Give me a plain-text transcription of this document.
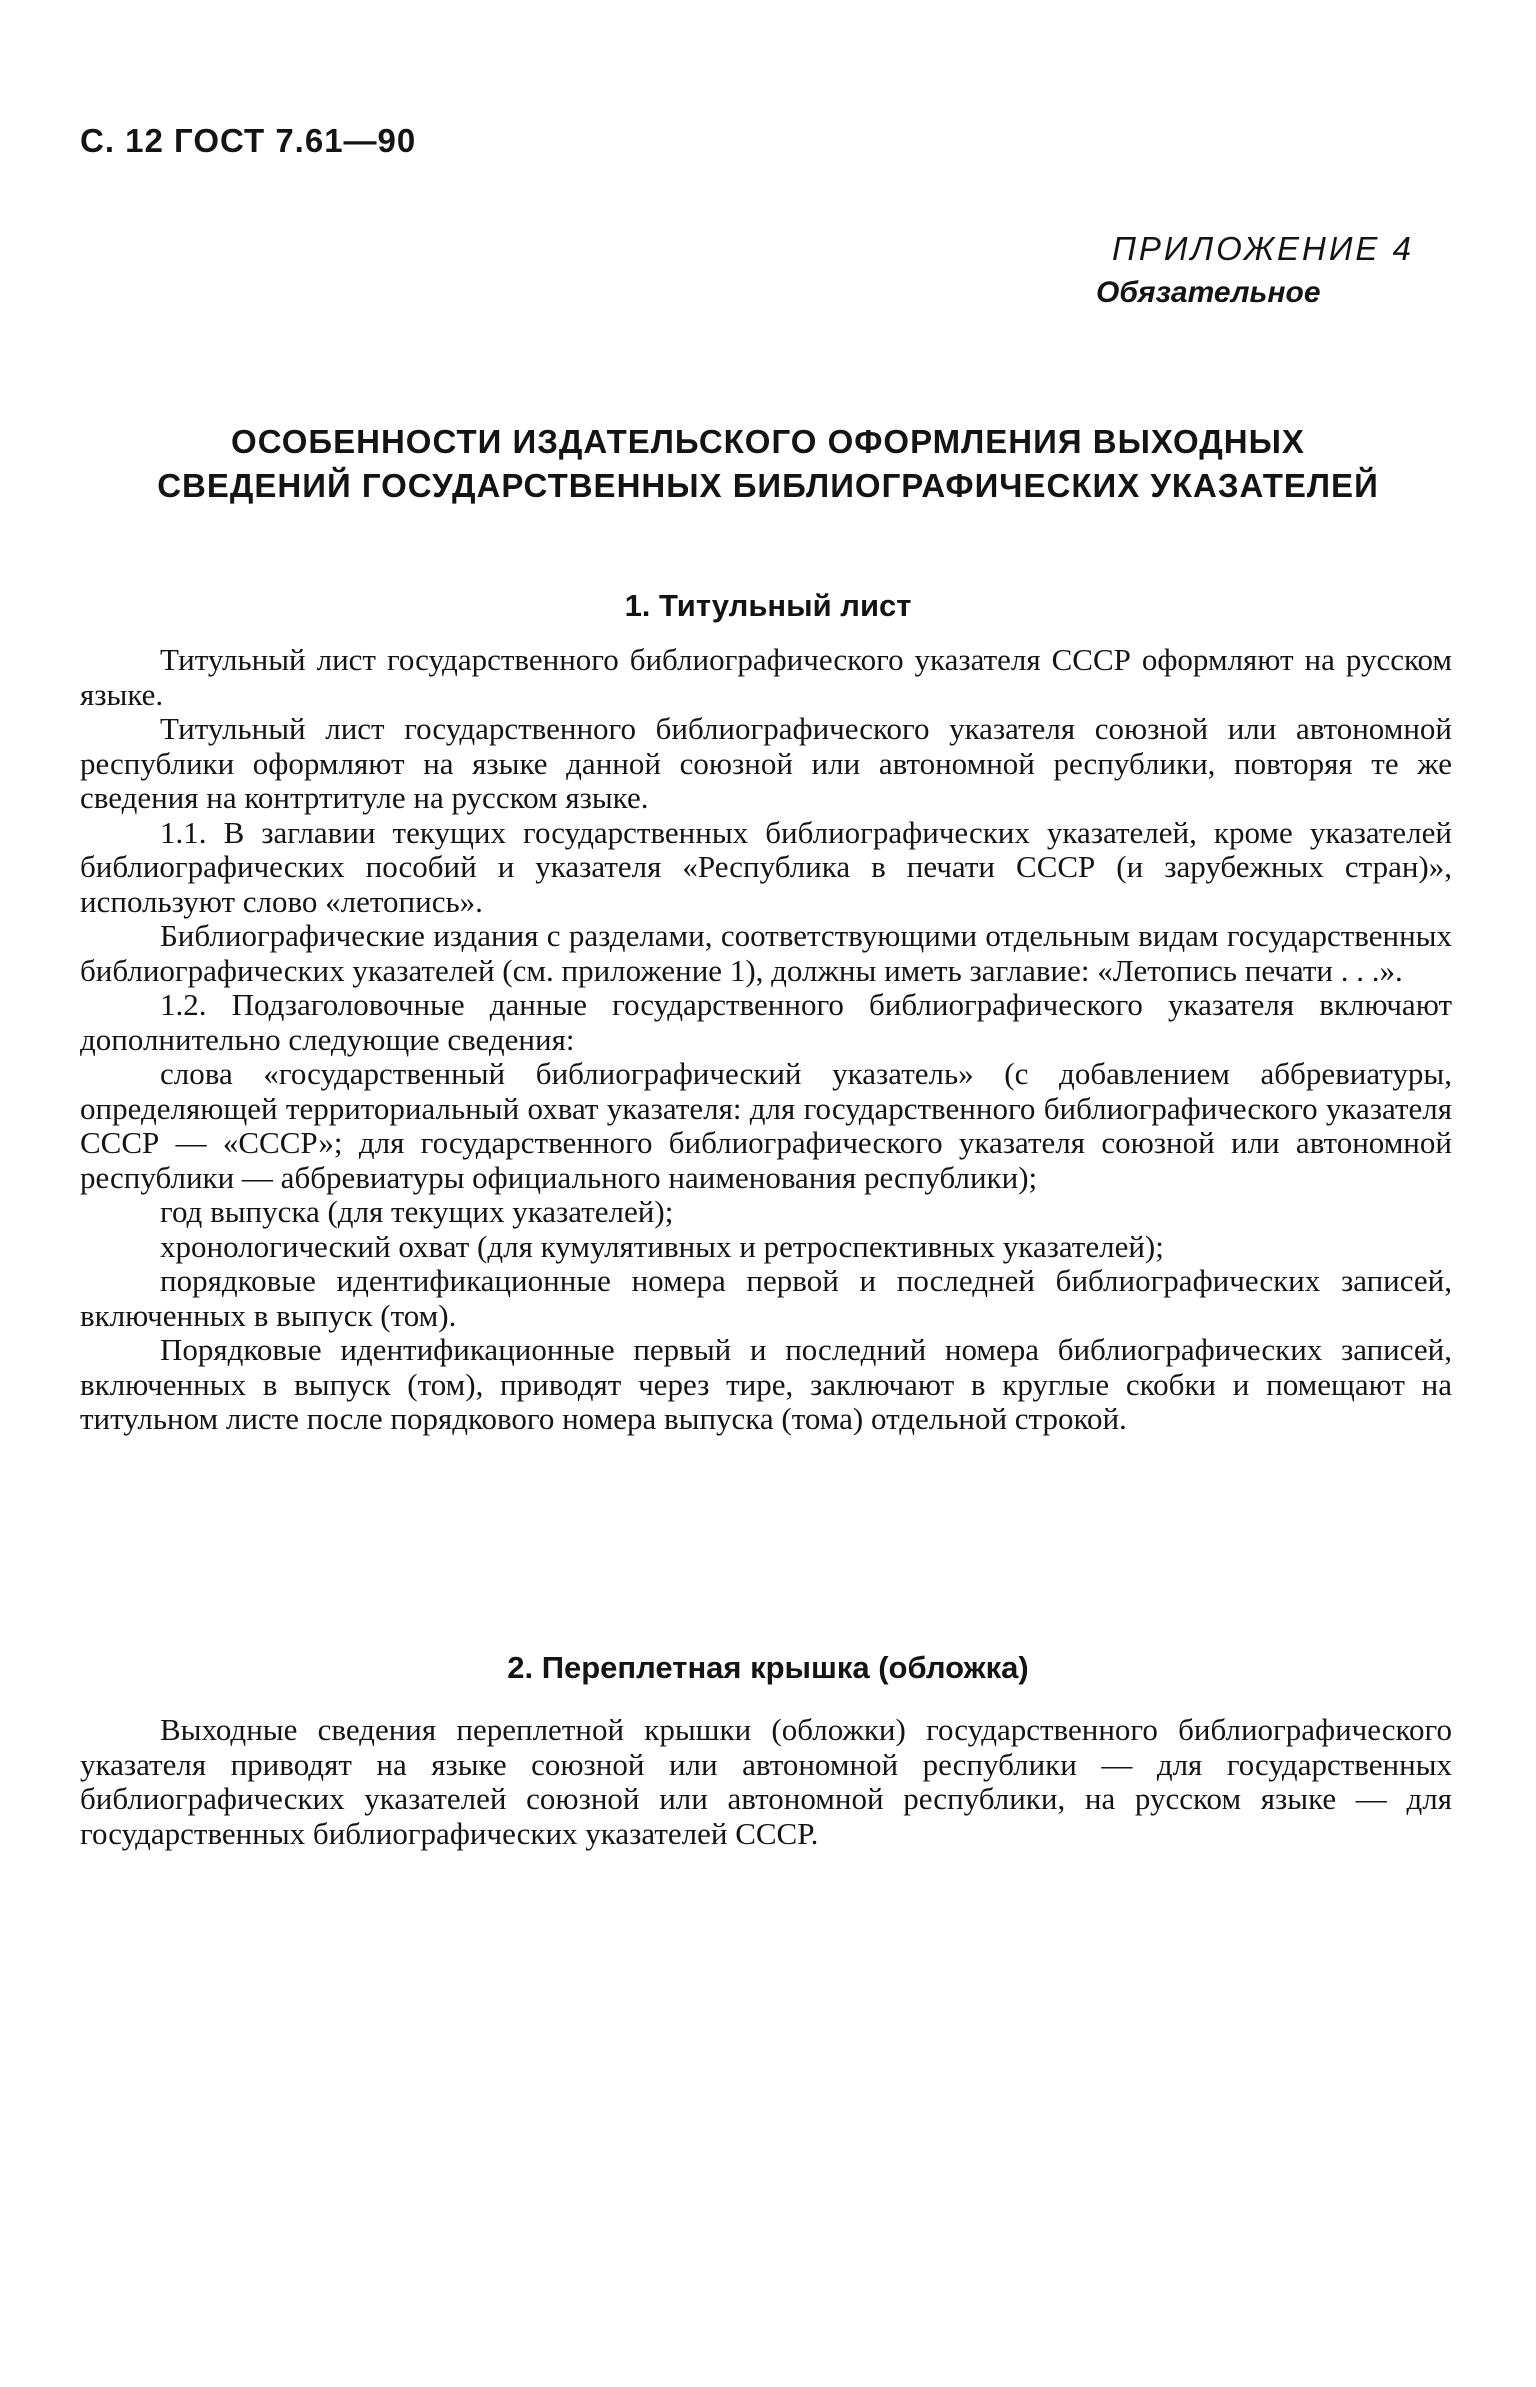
С. 12 ГОСТ 7.61—90
ПРИЛОЖЕНИЕ 4
Обязательное
ОСОБЕННОСТИ ИЗДАТЕЛЬСКОГО ОФОРМЛЕНИЯ ВЫХОДНЫХ СВЕДЕНИЙ ГОСУДАРСТВЕННЫХ БИБЛИОГРАФИЧЕСКИХ УКАЗАТЕЛЕЙ
1. Титульный лист

Титульный лист государственного библиографического указателя СССР оформляют на русском языке.

Титульный лист государственного библиографического указателя союзной или автономной республики оформляют на языке данной союзной или автономной республики, повторяя те же сведения на контртитуле на русском языке.

1.1. В заглавии текущих государственных библиографических указателей, кроме указателей библиографических пособий и указателя «Республика в печати СССР (и зарубежных стран)», используют слово «летопись».

Библиографические издания с разделами, соответствующими отдельным видам государственных библиографических указателей (см. приложение 1), должны иметь заглавие: «Летопись печати . . .».

1.2. Подзаголовочные данные государственного библиографического указателя включают дополнительно следующие сведения:

слова «государственный библиографический указатель» (с добавлением аббревиатуры, определяющей территориальный охват указателя: для государственного библиографического указателя СССР — «СССР»; для государственного библиографического указателя союзной или автономной республики — аббревиатуры официального наименования республики);

год выпуска (для текущих указателей);

хронологический охват (для кумулятивных и ретроспективных указателей);

порядковые идентификационные номера первой и последней библиографических записей, включенных в выпуск (том).

Порядковые идентификационные первый и последний номера библиографических записей, включенных в выпуск (том), приводят через тире, заключают в круглые скобки и помещают на титульном листе после порядкового номера выпуска (тома) отдельной строкой.

2. Переплетная крышка (обложка)

Выходные сведения переплетной крышки (обложки) государственного библиографического указателя приводят на языке союзной или автономной республики — для государственных библиографических указателей союзной или автономной республики, на русском языке — для государственных библиографических указателей СССР.
